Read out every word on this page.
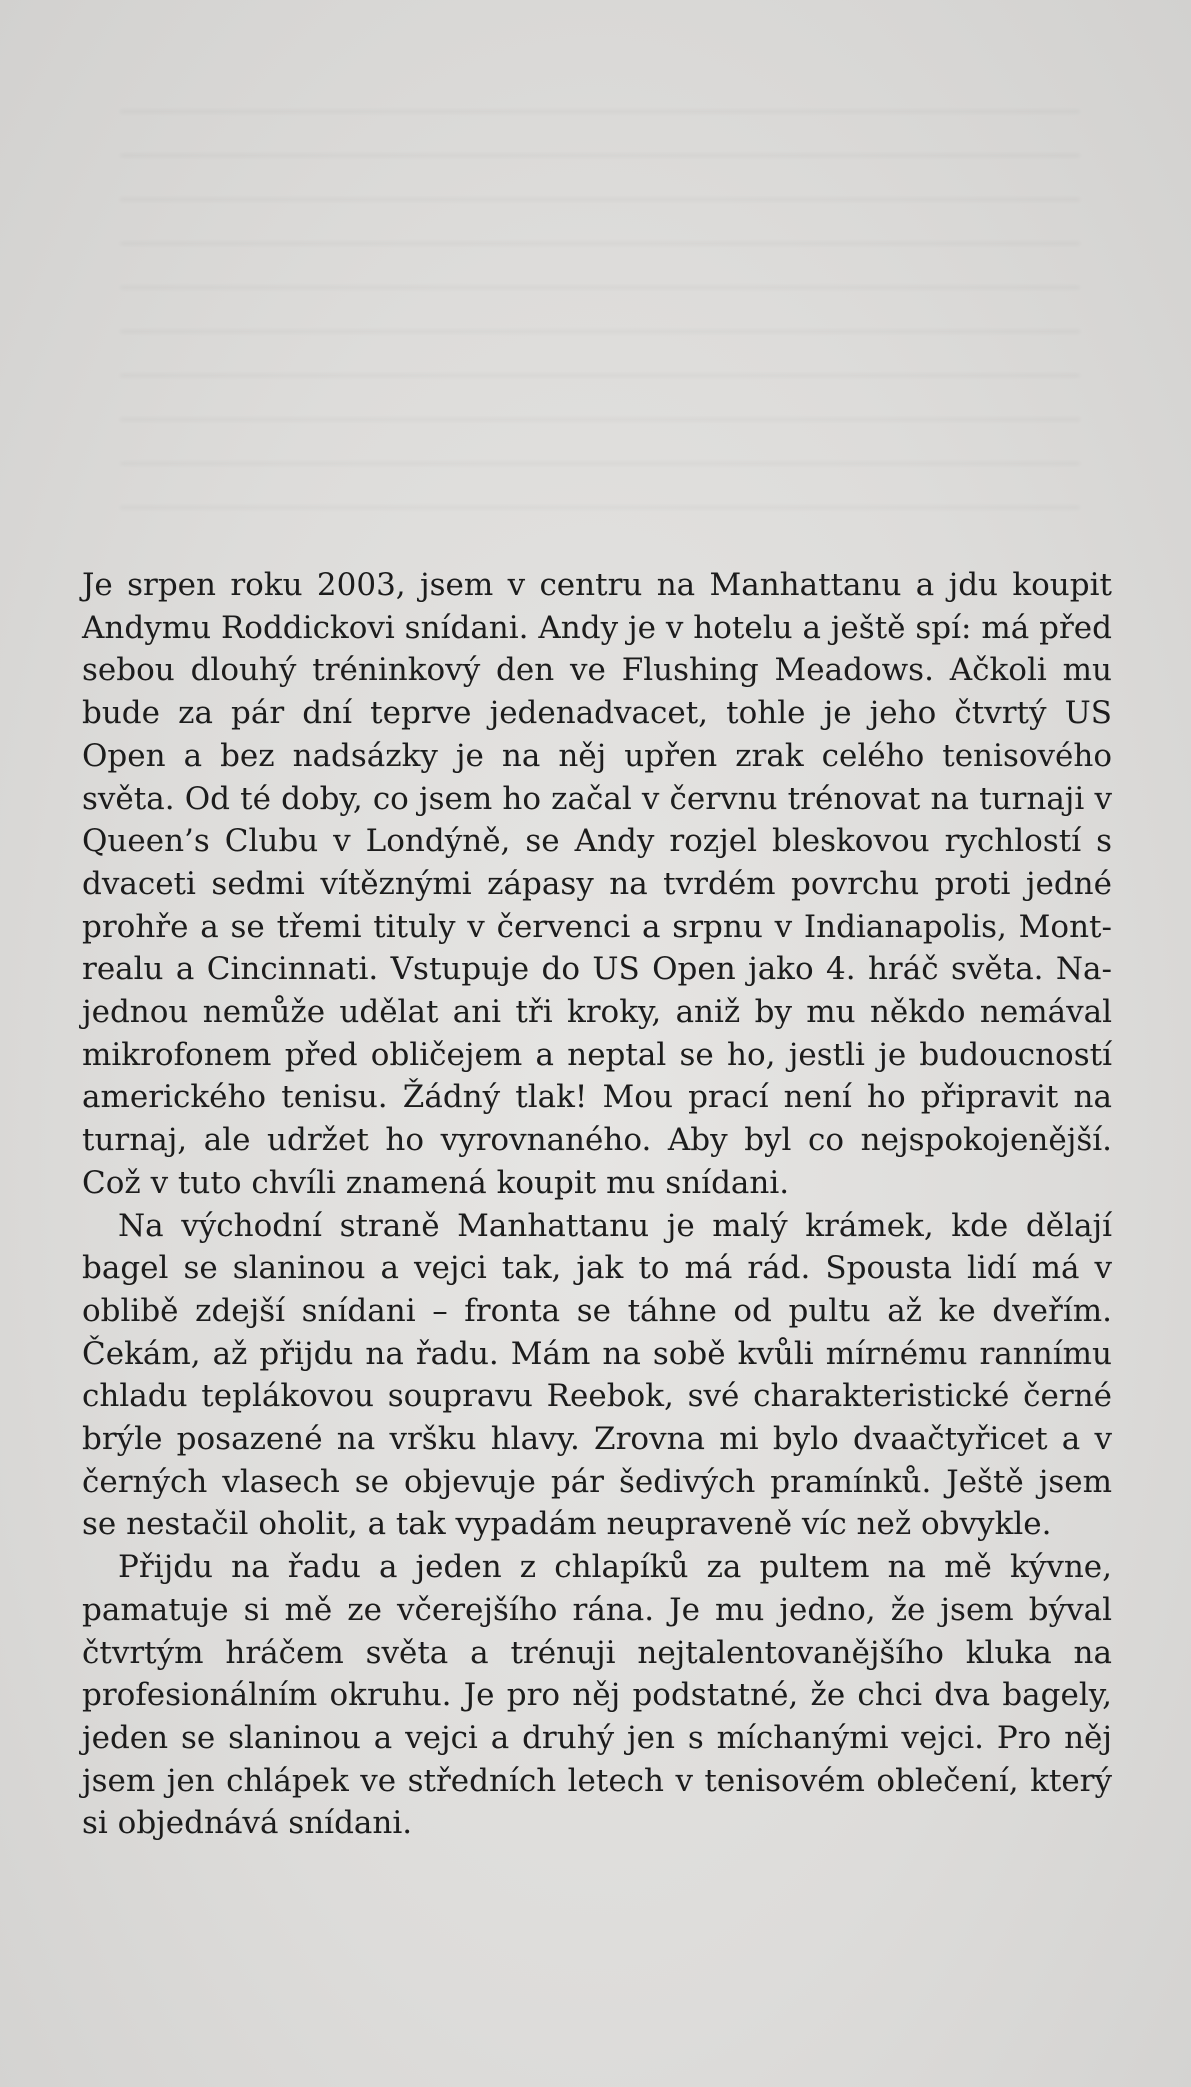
Je srpen roku 2003, jsem v centru na Manhattanu a jdu koupit Andymu Roddickovi snídani. Andy je v hotelu a ještě spí: má před sebou dlouhý tréninkový den ve Flushing Meadows. Ačkoli mu bude za pár dní teprve jedenadvacet, tohle je jeho čtvrtý US Open a bez nadsázky je na něj upřen zrak celého tenisového světa. Od té doby, co jsem ho začal v červnu trénovat na turnaji v Queen’s Clubu v Londýně, se Andy rozjel bleskovou rychlostí s dvaceti sedmi vítěznými zápasy na tvrdém povrchu proti jedné prohře a se třemi tituly v červenci a srpnu v Indianapolis, Montrealu a Cincinnati. Vstupuje do US Open jako 4. hráč světa. Najednou nemůže udělat ani tři kroky, aniž by mu někdo nemával mikrofonem před obličejem a neptal se ho, jestli je budoucností amerického tenisu. Žádný tlak! Mou prací není ho připravit na turnaj, ale udržet ho vyrovnaného. Aby byl co nejspokojenější. Což v tuto chvíli znamená koupit mu snídani.

Na východní straně Manhattanu je malý krámek, kde dělají bagel se slaninou a vejci tak, jak to má rád. Spousta lidí má v oblibě zdejší snídani – fronta se táhne od pultu až ke dveřím. Čekám, až přijdu na řadu. Mám na sobě kvůli mírnému rannímu chladu teplákovou soupravu Reebok, své charakteristické černé brýle posazené na vršku hlavy. Zrovna mi bylo dvaačtyřicet a v černých vlasech se objevuje pár šedivých pramínků. Ještě jsem se nestačil oholit, a tak vypadám neupraveně víc než obvykle.

Přijdu na řadu a jeden z chlapíků za pultem na mě kývne, pamatuje si mě ze včerejšího rána. Je mu jedno, že jsem býval čtvrtým hráčem světa a trénuji nejtalentovanějšího kluka na profesionálním okruhu. Je pro něj podstatné, že chci dva bagely, jeden se slaninou a vejci a druhý jen s míchanými vejci. Pro něj jsem jen chlápek ve středních letech v tenisovém oblečení, který si objednává snídani.
